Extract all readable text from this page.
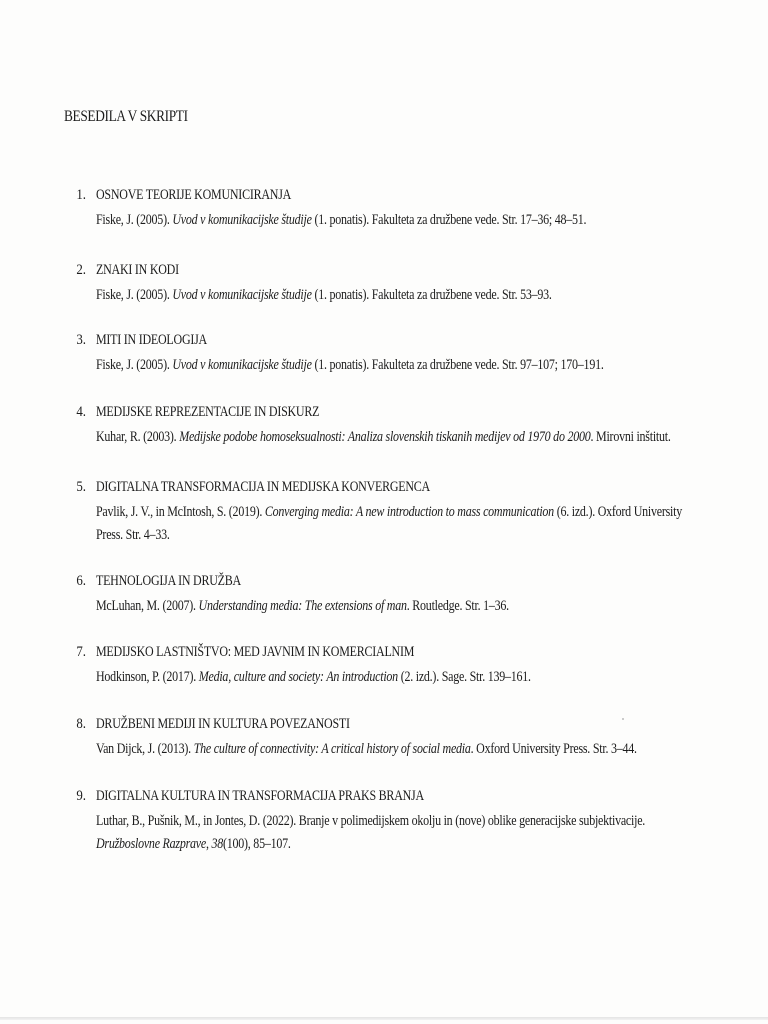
BESEDILA V SKRIPTI
1. OSNOVE TEORIJE KOMUNICIRANJA
Fiske, J. (2005). Uvod v komunikacijske študije (1. ponatis). Fakulteta za družbene vede. Str. 17–36; 48–51.
2. ZNAKI IN KODI
Fiske, J. (2005). Uvod v komunikacijske študije (1. ponatis). Fakulteta za družbene vede. Str. 53–93.
3. MITI IN IDEOLOGIJA
Fiske, J. (2005). Uvod v komunikacijske študije (1. ponatis). Fakulteta za družbene vede. Str. 97–107; 170–191.
4. MEDIJSKE REPREZENTACIJE IN DISKURZ
Kuhar, R. (2003). Medijske podobe homoseksualnosti: Analiza slovenskih tiskanih medijev od 1970 do 2000. Mirovni inštitut.
5. DIGITALNA TRANSFORMACIJA IN MEDIJSKA KONVERGENCA
Pavlik, J. V., in McIntosh, S. (2019). Converging media: A new introduction to mass communication (6. izd.). Oxford University Press. Str. 4–33.
6. TEHNOLOGIJA IN DRUŽBA
McLuhan, M. (2007). Understanding media: The extensions of man. Routledge. Str. 1–36.
7. MEDIJSKO LASTNIŠTVO: MED JAVNIM IN KOMERCIALNIM
Hodkinson, P. (2017). Media, culture and society: An introduction (2. izd.). Sage. Str. 139–161.
8. DRUŽBENI MEDIJI IN KULTURA POVEZANOSTI
Van Dijck, J. (2013). The culture of connectivity: A critical history of social media. Oxford University Press. Str. 3–44.
9. DIGITALNA KULTURA IN TRANSFORMACIJA PRAKS BRANJA
Luthar, B., Pušnik, M., in Jontes, D. (2022). Branje v polimedijskem okolju in (nove) oblike generacijske subjektivacije. Družboslovne Razprave, 38(100), 85–107.
